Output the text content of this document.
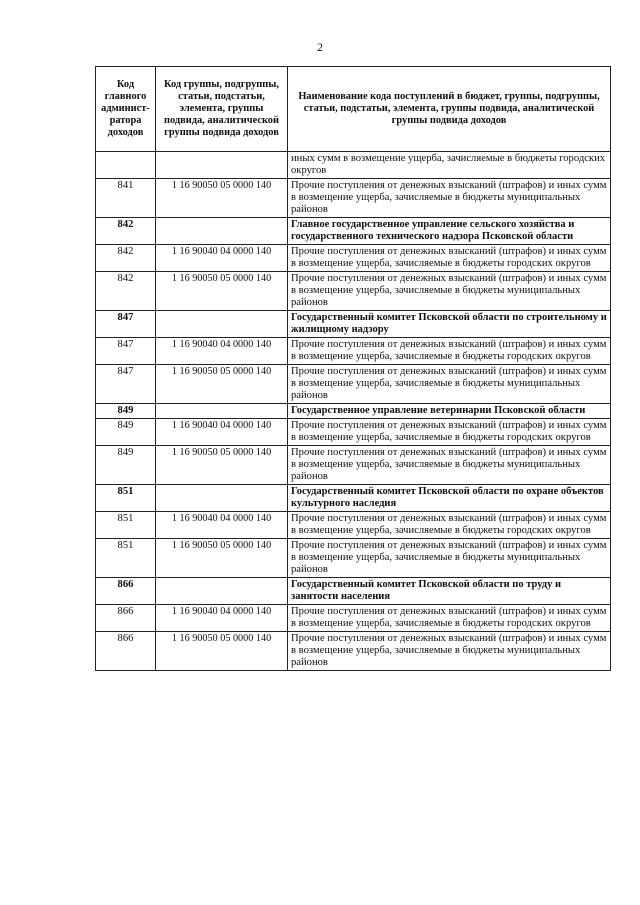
2
Код главного админист-ратора доходов	Код группы, подгруппы, статьи, подстатьи, элемента, группы подвида, аналитической группы подвида доходов	Наименование кода поступлений в бюджет, группы, подгруппы, статьи, подстатьи, элемента, группы подвида, аналитической группы подвида доходов
		иных сумм в возмещение ущерба, зачисляемые в бюджеты городских округов
841	1 16 90050 05 0000 140	Прочие поступления от денежных взысканий (штрафов) и иных сумм в возмещение ущерба, зачисляемые в бюджеты муниципальных районов
842		Главное государственное управление сельского хозяйства и государственного технического надзора Псковской области
842	1 16 90040 04 0000 140	Прочие поступления от денежных взысканий (штрафов) и иных сумм в возмещение ущерба, зачисляемые в бюджеты городских округов
842	1 16 90050 05 0000 140	Прочие поступления от денежных взысканий (штрафов) и иных сумм в возмещение ущерба, зачисляемые в бюджеты муниципальных районов
847		Государственный комитет Псковской области по строительному и жилищному надзору
847	1 16 90040 04 0000 140	Прочие поступления от денежных взысканий (штрафов) и иных сумм в возмещение ущерба, зачисляемые в бюджеты городских округов
847	1 16 90050 05 0000 140	Прочие поступления от денежных взысканий (штрафов) и иных сумм в возмещение ущерба, зачисляемые в бюджеты муниципальных районов
849		Государственное управление ветеринарии Псковской области
849	1 16 90040 04 0000 140	Прочие поступления от денежных взысканий (штрафов) и иных сумм в возмещение ущерба, зачисляемые в бюджеты городских округов
849	1 16 90050 05 0000 140	Прочие поступления от денежных взысканий (штрафов) и иных сумм в возмещение ущерба, зачисляемые в бюджеты муниципальных районов
851		Государственный комитет Псковской области по охране объектов культурного наследия
851	1 16 90040 04 0000 140	Прочие поступления от денежных взысканий (штрафов) и иных сумм в возмещение ущерба, зачисляемые в бюджеты городских округов
851	1 16 90050 05 0000 140	Прочие поступления от денежных взысканий (штрафов) и иных сумм в возмещение ущерба, зачисляемые в бюджеты муниципальных районов
866		Государственный комитет Псковской области по труду и занятости населения
866	1 16 90040 04 0000 140	Прочие поступления от денежных взысканий (штрафов) и иных сумм в возмещение ущерба, зачисляемые в бюджеты городских округов
866	1 16 90050 05 0000 140	Прочие поступления от денежных взысканий (штрафов) и иных сумм в возмещение ущерба, зачисляемые в бюджеты муниципальных районов
